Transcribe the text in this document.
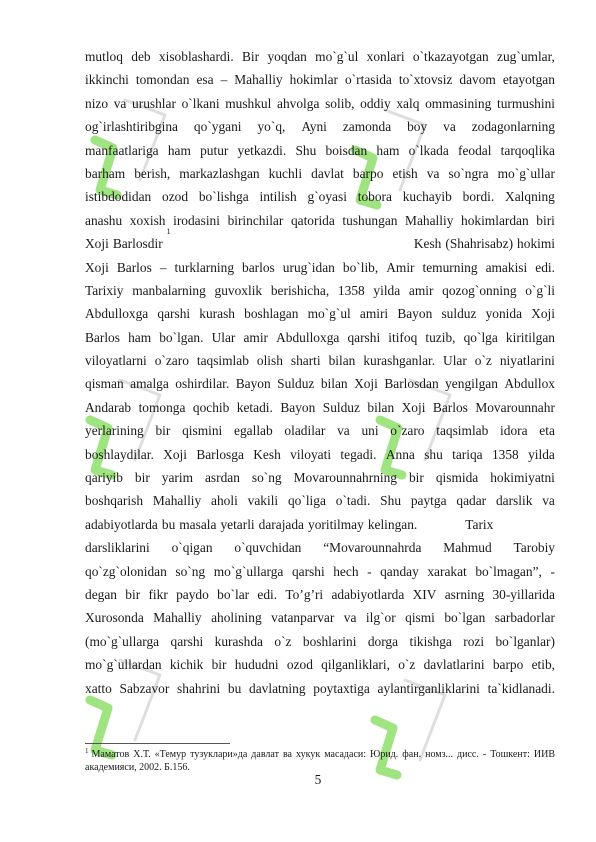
mutloq deb xisoblashardi. Bir yoqdan mo`g`ul xonlari o`tkazayotgan zug`umlar,
ikkinchi tomondan esa – Mahalliy hokimlar o`rtasida to`xtovsiz davom etayotgan
nizo va urushlar o`lkani mushkul ahvolga solib, oddiy xalq ommasining turmushini
og`irlashtiribgina qo`ygani yo`q, Ayni zamonda boy va zodagonlarning
manfaatlariga ham putur yetkazdi. Shu boisdan ham o`lkada feodal tarqoqlika
barham berish, markazlashgan kuchli davlat barpo etish va so`ngra mo`g`ullar
istibdodidan ozod bo`lishga intilish g`oyasi tobora kuchayib bordi. Xalqning
anashu xoxish irodasini birinchilar qatorida tushungan Mahalliy hokimlardan biri
Xoji Barlosdir
1
Kesh (Shahrisabz) hokimi
Xoji Barlos – turklarning barlos urug`idan bo`lib, Amir temurning amakisi edi.
Tarixiy manbalarning guvoxlik berishicha, 1358 yilda amir qozog`onning o`g`li
Abdulloxga qarshi kurash boshlagan mo`g`ul amiri Bayon sulduz yonida Xoji
Barlos ham bo`lgan. Ular amir Abdulloxga qarshi itifoq tuzib, qo`lga kiritilgan
viloyatlarni o`zaro taqsimlab olish sharti bilan kurashganlar. Ular o`z niyatlarini
qisman amalga oshirdilar. Bayon Sulduz bilan Xoji Barlosdan yengilgan Abdullox
Andarab tomonga qochib ketadi. Bayon Sulduz bilan Xoji Barlos Movarounnahr
yerlarining bir qismini egallab oladilar va uni o`zaro taqsimlab idora eta
boshlaydilar. Xoji Barlosga Kesh viloyati tegadi. Anna shu tariqa 1358 yilda
qariyib bir yarim asrdan so`ng Movarounnahrning bir qismida hokimiyatni
boshqarish Mahalliy aholi vakili qo`liga o`tadi. Shu paytga qadar darslik va
adabiyotlarda bu masala yetarli darajada yoritilmay kelingan.	Tarix
darsliklarini o`qigan o`quvchidan “Movarounnahrda Mahmud Tarobiy
qo`zg`olonidan so`ng mo`g`ullarga qarshi hech - qanday xarakat bo`lmagan”, -
degan bir fikr paydo bo`lar edi. To’g’ri adabiyotlarda XIV asrning 30-yillarida
Xurosonda Mahalliy aholining vatanparvar va ilg`or qismi bo`lgan sarbadorlar
(mo`g`ullarga qarshi kurashda o`z boshlarini dorga tikishga rozi bo`lganlar)
mo`g`ullardan kichik bir hududni ozod qilganliklari, o`z davlatlarini barpo etib,
xatto Sabzavor shahrini bu davlatning poytaxtiga aylantirganliklarini ta`kidlanadi.
$^1$ Маматов Х.Т. «Темур тузуклари»да давлат ва хукук масадаси: Юрид. фан. номз... дисс. - Тошкент: ИИВ академияси, 2002. Б.156.
5
